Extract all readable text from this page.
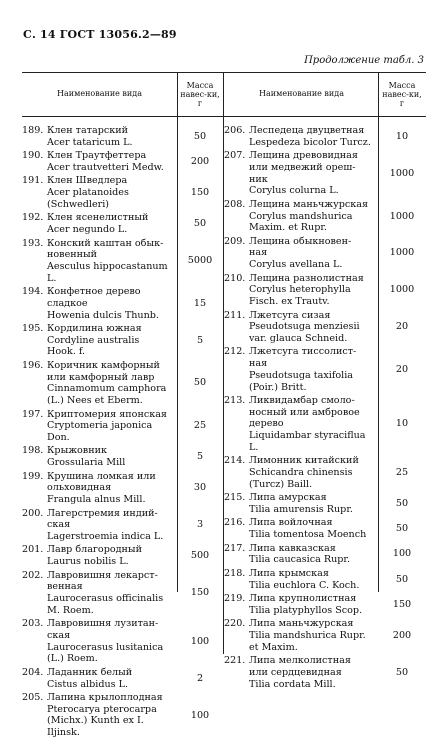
С. 14 ГОСТ 13056.2—89
Продолжение табл. 3
Наименование вида
Масса навес-ки, г
Наименование вида
Масса навес-ки, г
189. Клен татарский
Acer tataricum L.
50
190. Клен Траутфеттера
Acer trautvetteri Medw.
200
191. Клен Шведлера
Acer platanoides
(Schwedleri)
150
192. Клен ясенелистный
Acer negundo L.
50
193. Конский каштан обык-
новенный
Aesculus hippocastanum
L.
5000
194. Конфетное дерево
сладкое
Howenia dulcis Thunb.
15
195. Кордилина южная
Cordyline australis
Hook. f.
5
196. Коричник камфорный
или камфорный лавр
Cinnamomum camphora
(L.) Nees et Eberm.
50
197. Криптомерия японская
Cryptomeria japonica
Don.
25
198. Крыжовник
Grossularia Mill
5
199. Крушина ломкая или
ольховидная
Frangula alnus Mill.
30
200. Лагерстремия индий-
ская
Lagerstroemia indica L.
3
201. Лавр благородный
Laurus nobilis L.
500
202. Лавровишня лекарст-
венная
Laurocerasus officinalis
M. Roem.
150
203. Лавровишня лузитан-
ская
Laurocerasus lusitanica
(L.) Roem.
100
204. Ладанник белый
Cistus albidus L.
2
205. Лапина крылоплодная
Pterocarya pterocarpa
(Michx.) Kunth ex I.
Iljinsk.
100
206. Леспедеца двуцветная
Lespedeza bicolor Turcz.
10
207. Лещина древовидная
или медвежий ореш-
ник
Corylus colurna L.
1000
208. Лещина маньчжурская
Corylus mandshurica
Maxim. et Rupr.
1000
209. Лещина обыкновен-
ная
Corylus avellana L.
1000
210. Лещина разнолистная
Corylus heterophylla
Fisch. ex Trautv.
1000
211. Лжетсуга сизая
Pseudotsuga menziesii
var. glauca Schneid.
20
212. Лжетсуга тиссолист-
ная
Pseudotsuga taxifolia
(Poir.) Britt.
20
213. Ликвидамбар смоло-
носный или амбровое
дерево
Liquidambar styraciflua
L.
10
214. Лимонник китайский
Schicandra chinensis
(Turcz) Baill.
25
215. Липа амурская
Tilia amurensis Rupr.
50
216. Липа войлочная
Tilia tomentosa Moench
50
217. Липа кавказская
Tilia caucasica Rupr.
100
218. Липа крымская
Tilia euchlora C. Koch.
50
219. Липа крупнолистная
Tilia platyphyllos Scop.
150
220. Липа маньчжурская
Tilia mandshurica Rupr.
et Maxim.
200
221. Липа мелколистная
или сердцевидная
Tilia cordata Mill.
50
